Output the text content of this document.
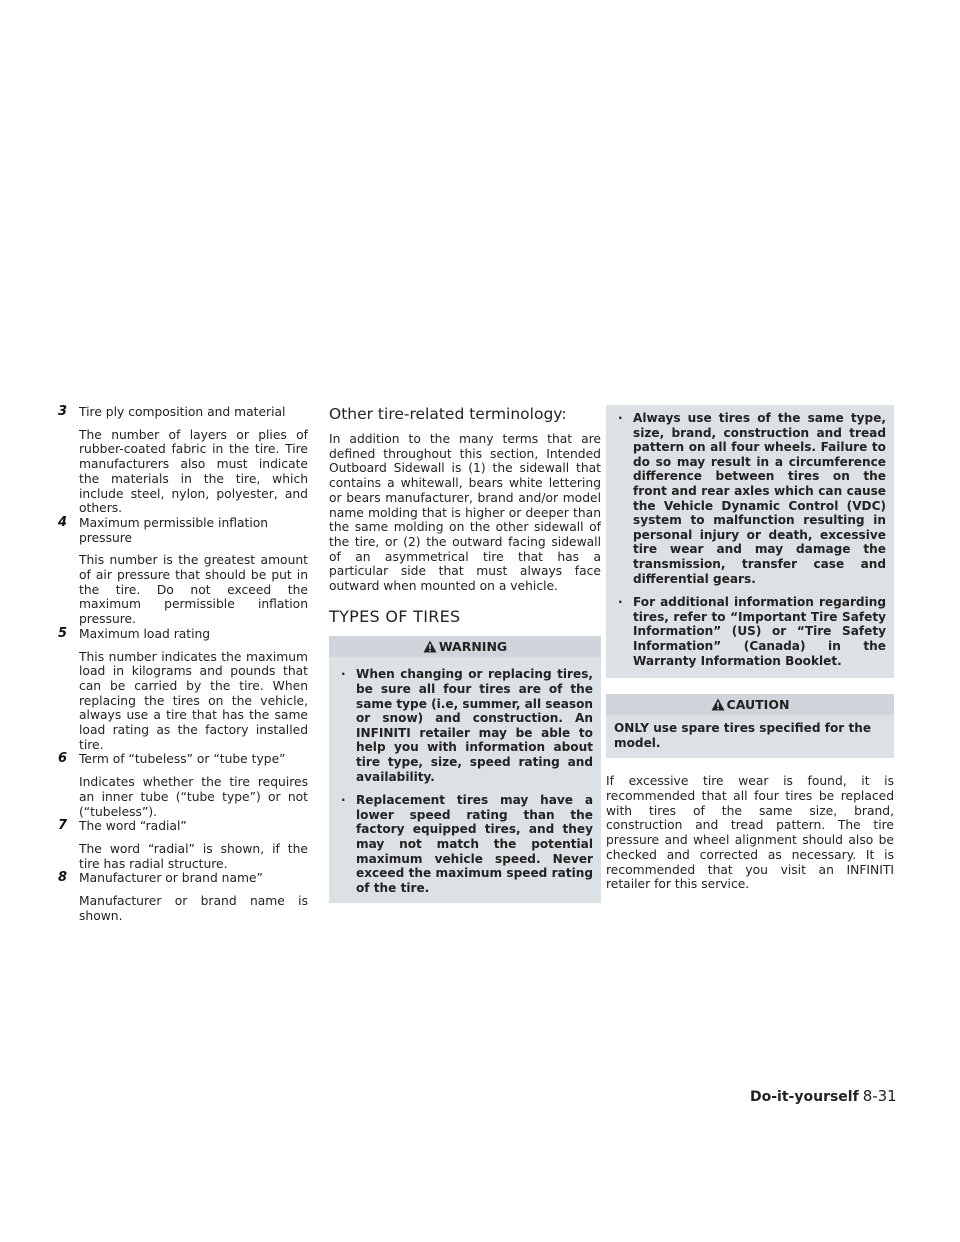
3 Tire ply composition and material
The number of layers or plies of rubber-coated fabric in the tire. Tire manufacturers also must indicate the materials in the tire, which include steel, nylon, polyester, and others.
4 Maximum permissible inflation pressure
This number is the greatest amount of air pressure that should be put in the tire. Do not exceed the maximum permissible inflation pressure.
5 Maximum load rating
This number indicates the maximum load in kilograms and pounds that can be carried by the tire. When replacing the tires on the vehicle, always use a tire that has the same load rating as the factory installed tire.
6 Term of “tubeless” or “tube type”
Indicates whether the tire requires an inner tube (“tube type”) or not (“tubeless”).
7 The word “radial”
The word “radial” is shown, if the tire has radial structure.
8 Manufacturer or brand name”
Manufacturer or brand name is shown.
Other tire-related terminology:

In addition to the many terms that are defined throughout this section, Intended Outboard Sidewall is (1) the sidewall that contains a whitewall, bears white lettering or bears manufacturer, brand and/or model name molding that is higher or deeper than the same molding on the other sidewall of the tire, or (2) the outward facing sidewall of an asymmetrical tire that has a particular side that must always face outward when mounted on a vehicle.

TYPES OF TIRES
WARNING
· When changing or replacing tires, be sure all four tires are of the same type (i.e, summer, all season or snow) and construction. An INFINITI retailer may be able to help you with information about tire type, size, speed rating and availability.
· Replacement tires may have a lower speed rating than the factory equipped tires, and they may not match the potential maximum vehicle speed. Never exceed the maximum speed rating of the tire.
· Always use tires of the same type, size, brand, construction and tread pattern on all four wheels. Failure to do so may result in a circumference difference between tires on the front and rear axles which can cause the Vehicle Dynamic Control (VDC) system to malfunction resulting in personal injury or death, excessive tire wear and may damage the transmission, transfer case and differential gears.
· For additional information regarding tires, refer to “Important Tire Safety Information” (US) or “Tire Safety Information” (Canada) in the Warranty Information Booklet.
CAUTION
ONLY use spare tires specified for the model.

If excessive tire wear is found, it is recommended that all four tires be replaced with tires of the same size, brand, construction and tread pattern. The tire pressure and wheel alignment should also be checked and corrected as necessary. It is recommended that you visit an INFINITI retailer for this service.

Do-it-yourself 8-31
